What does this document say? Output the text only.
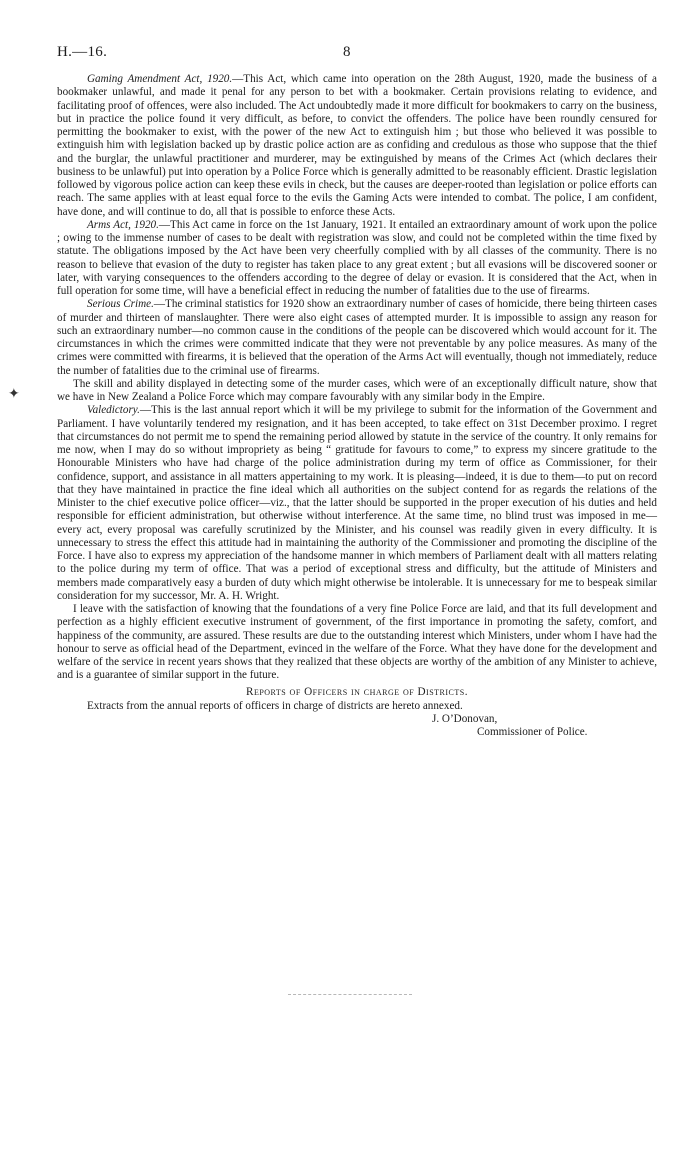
H.—16.	8
✦

Gaming Amendment Act, 1920.—This Act, which came into operation on the 28th August, 1920, made the business of a bookmaker unlawful, and made it penal for any person to bet with a bookmaker. Certain provisions relating to evidence, and facilitating proof of offences, were also included. The Act undoubtedly made it more difficult for bookmakers to carry on the business, but in practice the police found it very difficult, as before, to convict the offenders. The police have been roundly censured for permitting the bookmaker to exist, with the power of the new Act to extinguish him ; but those who believed it was possible to extinguish him with legislation backed up by drastic police action are as confiding and credulous as those who suppose that the thief and the burglar, the unlawful practitioner and murderer, may be extinguished by means of the Crimes Act (which declares their business to be unlawful) put into operation by a Police Force which is generally admitted to be reasonably efficient. Drastic legislation followed by vigorous police action can keep these evils in check, but the causes are deeper-rooted than legislation or police efforts can reach. The same applies with at least equal force to the evils the Gaming Acts were intended to combat. The police, I am confident, have done, and will continue to do, all that is possible to enforce these Acts.

Arms Act, 1920.—This Act came in force on the 1st January, 1921. It entailed an extraordinary amount of work upon the police ; owing to the immense number of cases to be dealt with registration was slow, and could not be completed within the time fixed by statute. The obligations imposed by the Act have been very cheerfully complied with by all classes of the community. There is no reason to believe that evasion of the duty to register has taken place to any great extent ; but all evasions will be discovered sooner or later, with varying consequences to the offenders according to the degree of delay or evasion. It is considered that the Act, when in full operation for some time, will have a beneficial effect in reducing the number of fatalities due to the use of firearms.

Serious Crime.—The criminal statistics for 1920 show an extraordinary number of cases of homicide, there being thirteen cases of murder and thirteen of manslaughter. There were also eight cases of attempted murder. It is impossible to assign any reason for such an extraordinary number—no common cause in the conditions of the people can be discovered which would account for it. The circumstances in which the crimes were committed indicate that they were not preventable by any police measures. As many of the crimes were committed with firearms, it is believed that the operation of the Arms Act will eventually, though not immediately, reduce the number of fatalities due to the criminal use of firearms.

The skill and ability displayed in detecting some of the murder cases, which were of an exceptionally difficult nature, show that we have in New Zealand a Police Force which may compare favourably with any similar body in the Empire.

Valedictory.—This is the last annual report which it will be my privilege to submit for the information of the Government and Parliament. I have voluntarily tendered my resignation, and it has been accepted, to take effect on 31st December proximo. I regret that circumstances do not permit me to spend the remaining period allowed by statute in the service of the country. It only remains for me now, when I may do so without impropriety as being “ gratitude for favours to come,” to express my sincere gratitude to the Honourable Ministers who have had charge of the police administration during my term of office as Commissioner, for their confidence, support, and assistance in all matters appertaining to my work. It is pleasing—indeed, it is due to them—to put on record that they have maintained in practice the fine ideal which all authorities on the subject contend for as regards the relations of the Minister to the chief executive police officer—viz., that the latter should be supported in the proper execution of his duties and held responsible for efficient administration, but otherwise without interference. At the same time, no blind trust was imposed in me—every act, every proposal was carefully scrutinized by the Minister, and his counsel was readily given in every difficulty. It is unnecessary to stress the effect this attitude had in maintaining the authority of the Commissioner and promoting the discipline of the Force. I have also to express my appreciation of the handsome manner in which members of Parliament dealt with all matters relating to the police during my term of office. That was a period of exceptional stress and difficulty, but the attitude of Ministers and members made comparatively easy a burden of duty which might otherwise be intolerable. It is unnecessary for me to bespeak similar consideration for my successor, Mr. A. H. Wright.

I leave with the satisfaction of knowing that the foundations of a very fine Police Force are laid, and that its full development and perfection as a highly efficient executive instrument of government, of the first importance in promoting the safety, comfort, and happiness of the community, are assured. These results are due to the outstanding interest which Ministers, under whom I have had the honour to serve as official head of the Department, evinced in the welfare of the Force. What they have done for the development and welfare of the service in recent years shows that they realized that these objects are worthy of the ambition of any Minister to achieve, and is a guarantee of similar support in the future.

Reports of Officers in charge of Districts.

Extracts from the annual reports of officers in charge of districts are hereto annexed.

J. O’Donovan,

Commissioner of Police.
